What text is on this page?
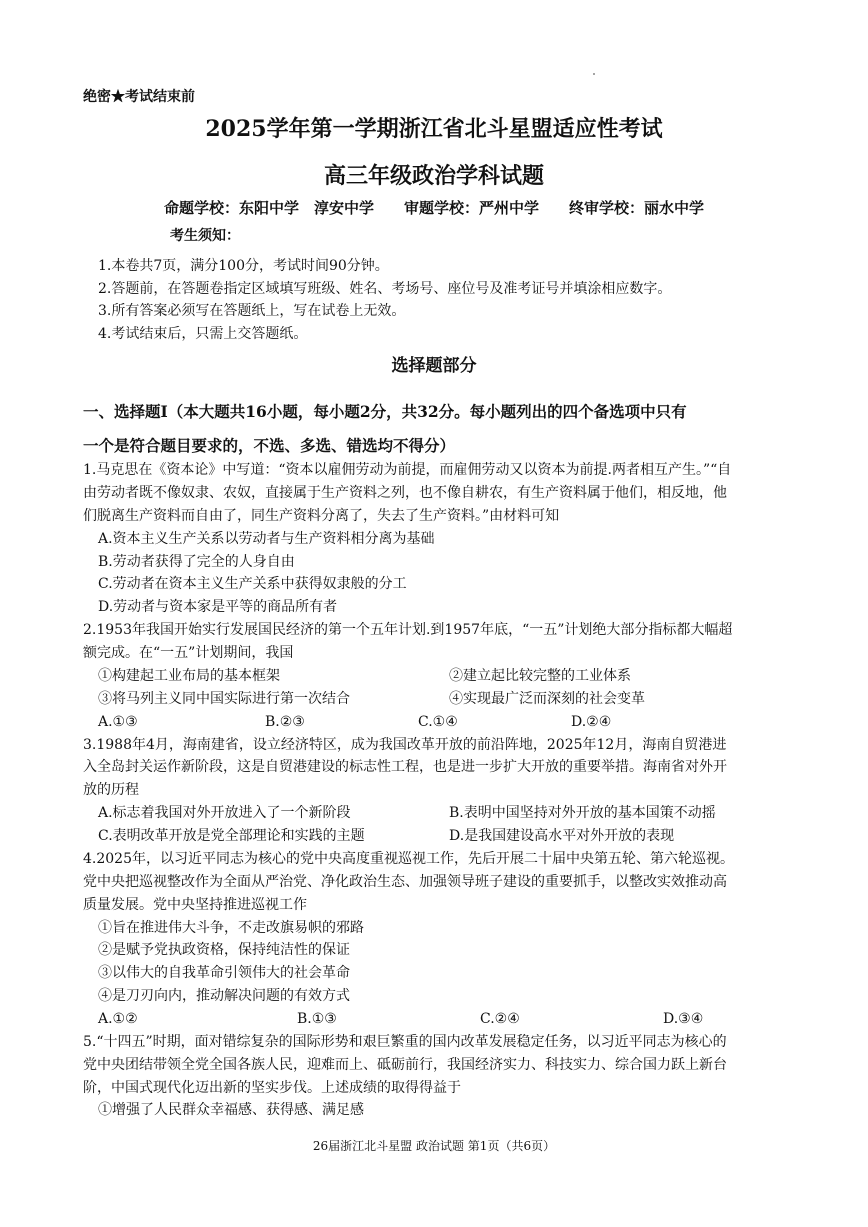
绝密★考试结束前
2025学年第一学期浙江省北斗星盟适应性考试
高三年级政治学科试题
命题学校：东阳中学　淳安中学　　审题学校：严州中学　　终审学校：丽水中学
考生须知：
1.本卷共7页，满分100分，考试时间90分钟。
2.答题前，在答题卷指定区域填写班级、姓名、考场号、座位号及准考证号并填涂相应数字。
3.所有答案必须写在答题纸上，写在试卷上无效。
4.考试结束后，只需上交答题纸。
选择题部分
一、选择题Ⅰ（本大题共16小题，每小题2分，共32分。每小题列出的四个备选项中只有
一个是符合题目要求的，不选、多选、错选均不得分）
1.马克思在《资本论》中写道：“资本以雇佣劳动为前提，而雇佣劳动又以资本为前提.两者相互产生。”“自
由劳动者既不像奴隶、农奴，直接属于生产资料之列，也不像自耕农，有生产资料属于他们，相反地，他
们脱离生产资料而自由了，同生产资料分离了，失去了生产资料。”由材料可知
A.资本主义生产关系以劳动者与生产资料相分离为基础
B.劳动者获得了完全的人身自由
C.劳动者在资本主义生产关系中获得奴隶般的分工
D.劳动者与资本家是平等的商品所有者
2.1953年我国开始实行发展国民经济的第一个五年计划.到1957年底，“一五”计划绝大部分指标都大幅超
额完成。在“一五”计划期间，我国
①构建起工业布局的基本框架	②建立起比较完整的工业体系
③将马列主义同中国实际进行第一次结合	④实现最广泛而深刻的社会变革
A.①③	B.②③	C.①④	D.②④
3.1988年4月，海南建省，设立经济特区，成为我国改革开放的前沿阵地，2025年12月，海南自贸港进
入全岛封关运作新阶段，这是自贸港建设的标志性工程，也是进一步扩大开放的重要举措。海南省对外开
放的历程
A.标志着我国对外开放进入了一个新阶段	B.表明中国坚持对外开放的基本国策不动摇
C.表明改革开放是党全部理论和实践的主题	D.是我国建设高水平对外开放的表现
4.2025年，以习近平同志为核心的党中央高度重视巡视工作，先后开展二十届中央第五轮、第六轮巡视。
党中央把巡视整改作为全面从严治党、净化政治生态、加强领导班子建设的重要抓手，以整改实效推动高
质量发展。党中央坚持推进巡视工作
①旨在推进伟大斗争，不走改旗易帜的邪路
②是赋予党执政资格，保持纯洁性的保证
③以伟大的自我革命引领伟大的社会革命
④是刀刃向内，推动解决问题的有效方式
A.①②	B.①③	C.②④	D.③④
5.“十四五”时期，面对错综复杂的国际形势和艰巨繁重的国内改革发展稳定任务，以习近平同志为核心的
党中央团结带领全党全国各族人民，迎难而上、砥砺前行，我国经济实力、科技实力、综合国力跃上新台
阶，中国式现代化迈出新的坚实步伐。上述成绩的取得得益于
①增强了人民群众幸福感、获得感、满足感
26届浙江北斗星盟 政治试题 第1页（共6页）
